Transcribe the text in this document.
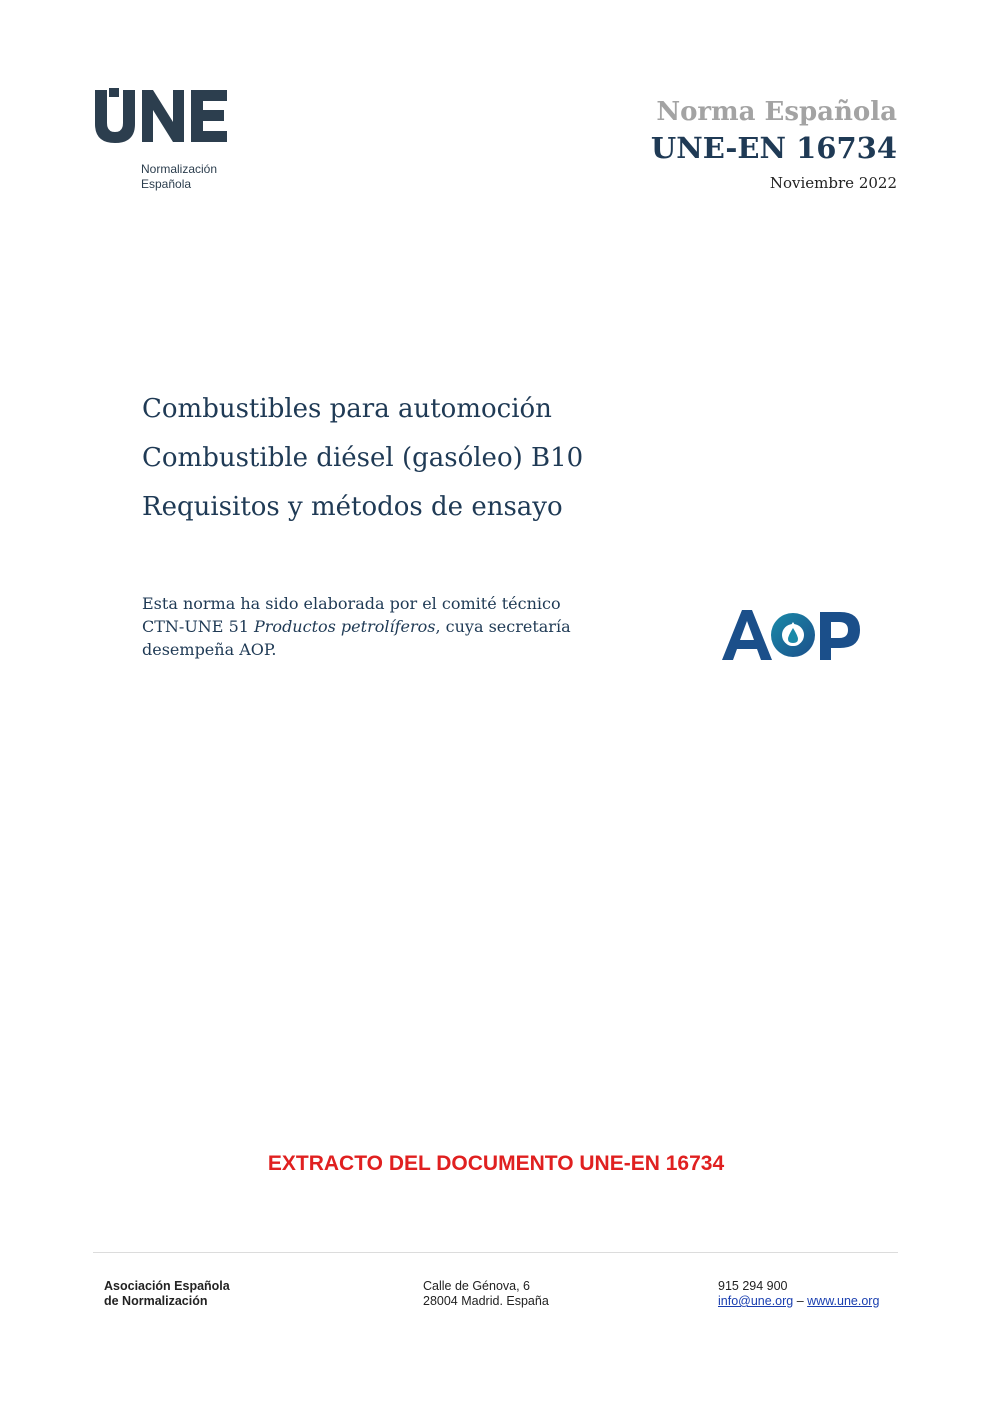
Normalización
Española
Norma Española
UNE-EN 16734
Noviembre 2022
Combustibles para automoción
Combustible diésel (gasóleo) B10
Requisitos y métodos de ensayo
Esta norma ha sido elaborada por el comité técnico CTN-UNE 51 Productos petrolíferos, cuya secretaría desempeña AOP.
EXTRACTO DEL DOCUMENTO UNE-EN 16734
Asociación Española
de Normalización
Calle de Génova, 6
28004 Madrid. España
915 294 900
info@une.org – www.une.org
